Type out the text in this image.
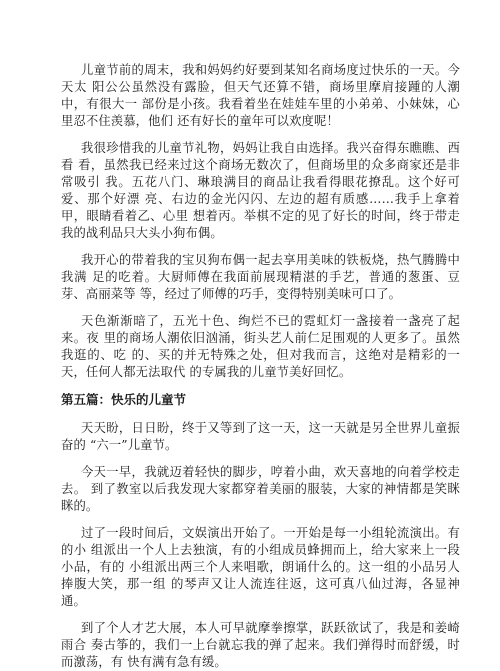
儿童节前的周末，我和妈妈约好要到某知名商场度过快乐的一天。今天太 阳公公虽然没有露脸，但天气还算不错，商场里摩肩接踵的人潮中，有很大一 部份是小孩。我看着坐在娃娃车里的小弟弟、小妹妹，心里忍不住羡慕，他们 还有好长的童年可以欢度呢！

我很珍惜我的儿童节礼物，妈妈让我自由选择。我兴奋得东瞧瞧、西看 看，虽然我已经来过这个商场无数次了，但商场里的众多商家还是非常吸引 我。五花八门、琳琅满目的商品让我看得眼花撩乱。这个好可爱、那个好漂 亮、右边的金光闪闪、左边的超有质感……我手上拿着甲，眼睛看着乙、心里 想着丙。举棋不定的见了好长的时间，终于带走我的战利品只大头小狗布偶。

我开心的带着我的宝贝狗布偶一起去享用美味的铁板烧，热气腾腾中我满 足的吃着。大厨师傅在我面前展现精湛的手艺，普通的葱蛋、豆芽、高丽菜等 等，经过了师傅的巧手，变得特别美味可口了。

天色渐渐暗了，五光十色、绚烂不已的霓虹灯一盏接着一盏亮了起来。夜 里的商场人潮依旧汹涌，街头艺人前仁足围观的人更多了。虽然我逛的、吃 的、买的并无特殊之处，但对我而言，这绝对是精彩的一天，任何人都无法取代 的专属我的儿童节美好回忆。

第五篇：快乐的儿童节

天天盼，日日盼，终于又等到了这一天，这一天就是另全世界儿童振奋的 “六一”儿童节。

今天一早，我就迈着轻快的脚步，哼着小曲，欢天喜地的向着学校走去。 到了教室以后我发现大家都穿着美丽的服装，大家的神情都是笑眯眯的。

过了一段时间后，文娱演出开始了。一开始是每一小组轮流演出。有的小 组派出一个人上去独演，有的小组成员蜂拥而上，给大家来上一段小品，有的 小组派出两三个人来唱歌，朗诵什么的。这一组的小品另人捧腹大笑，那一组 的琴声又让人流连往返，这可真八仙过海，各显神通。

到了个人才艺大展，本人可早就摩拳擦掌，跃跃欲试了，我是和姜崎雨合 奏古筝的，我们一上台就忘我的弹了起来。我们弹得时而舒缓，时而激荡，有 快有满有急有缓。
